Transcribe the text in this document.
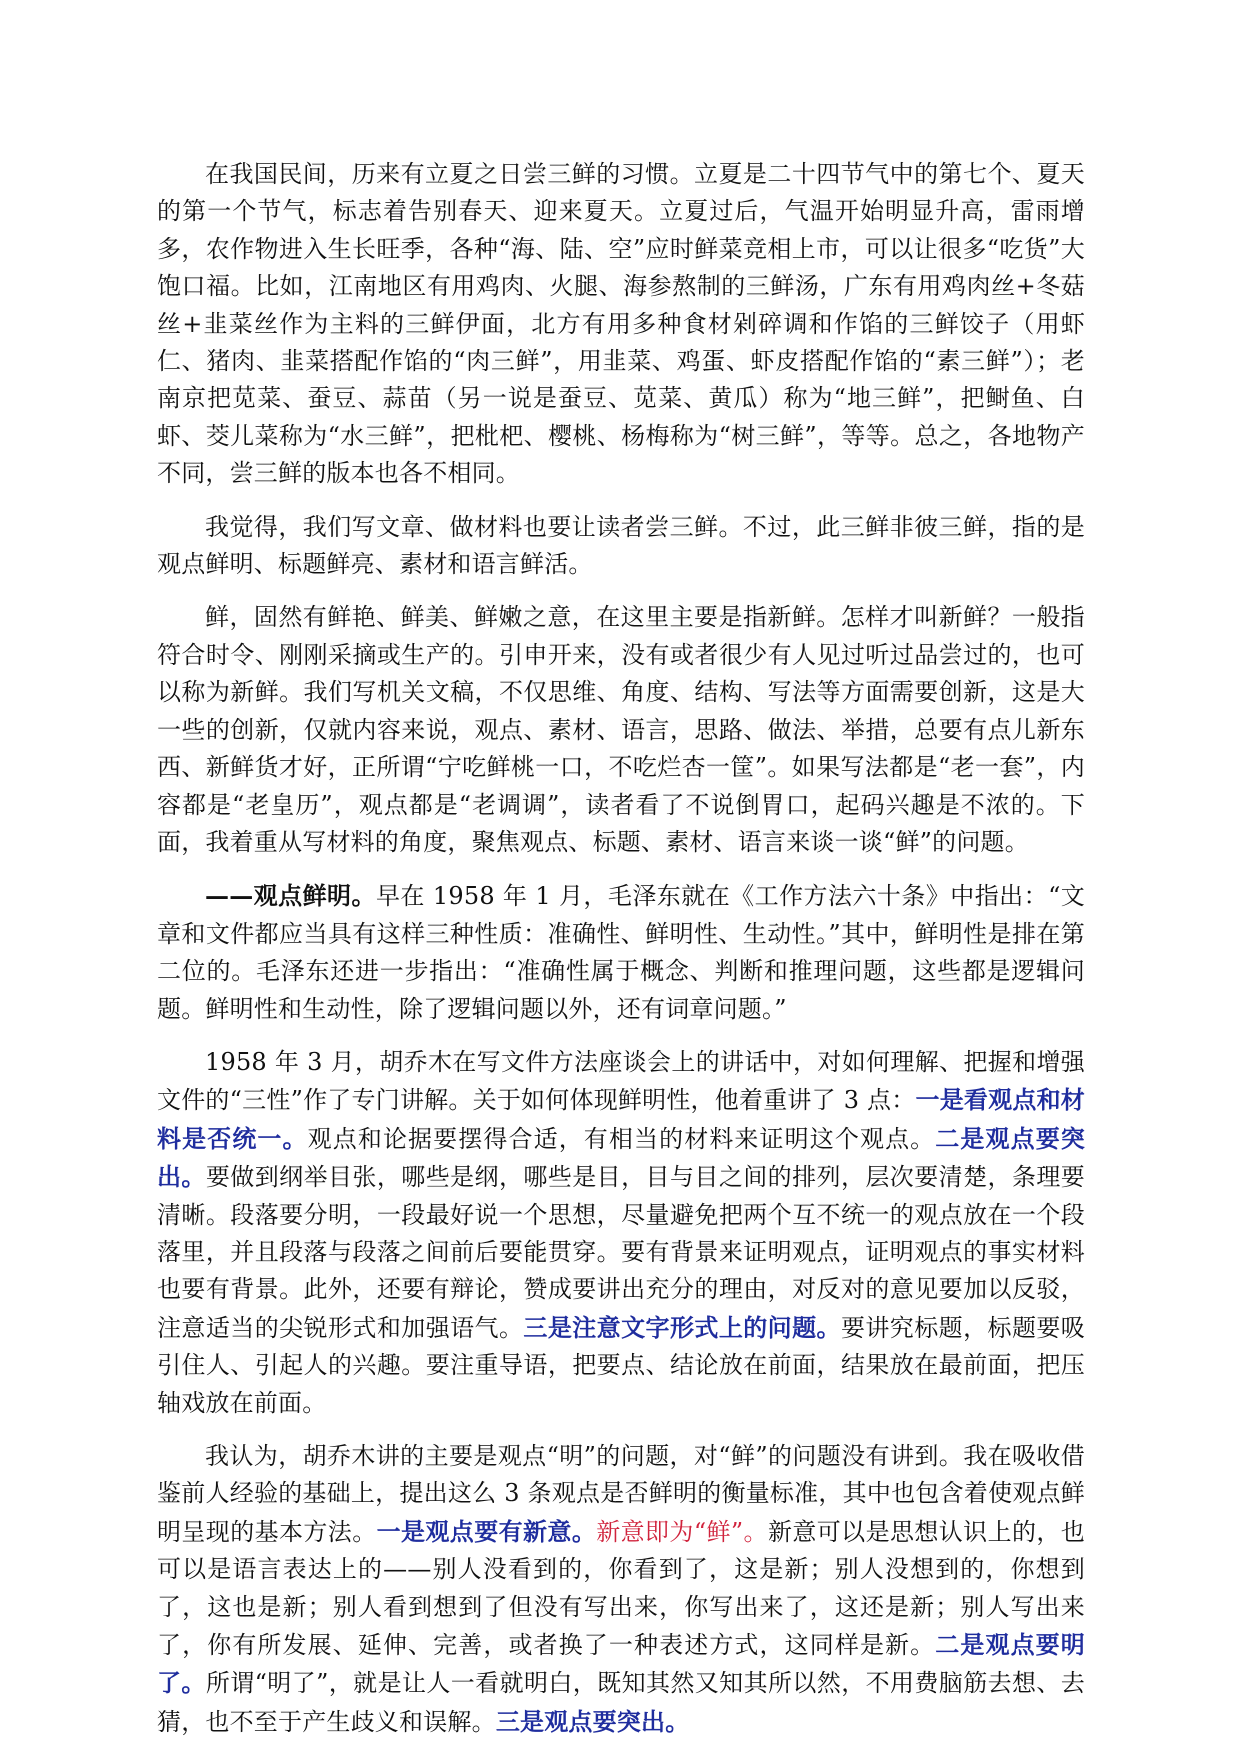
在我国民间，历来有立夏之日尝三鲜的习惯。立夏是二十四节气中的第七个、夏天的第一个节气，标志着告别春天、迎来夏天。立夏过后，气温开始明显升高，雷雨增多，农作物进入生长旺季，各种“海、陆、空”应时鲜菜竞相上市，可以让很多“吃货”大饱口福。比如，江南地区有用鸡肉、火腿、海参熬制的三鲜汤，广东有用鸡肉丝+冬菇丝+韭菜丝作为主料的三鲜伊面，北方有用多种食材剁碎调和作馅的三鲜饺子（用虾仁、猪肉、韭菜搭配作馅的“肉三鲜”，用韭菜、鸡蛋、虾皮搭配作馅的“素三鲜”）；老南京把苋菜、蚕豆、蒜苗（另一说是蚕豆、苋菜、黄瓜）称为“地三鲜”，把鲥鱼、白虾、茭儿菜称为“水三鲜”，把枇杷、樱桃、杨梅称为“树三鲜”，等等。总之，各地物产不同，尝三鲜的版本也各不相同。

我觉得，我们写文章、做材料也要让读者尝三鲜。不过，此三鲜非彼三鲜，指的是观点鲜明、标题鲜亮、素材和语言鲜活。

鲜，固然有鲜艳、鲜美、鲜嫩之意，在这里主要是指新鲜。怎样才叫新鲜？一般指符合时令、刚刚采摘或生产的。引申开来，没有或者很少有人见过听过品尝过的，也可以称为新鲜。我们写机关文稿，不仅思维、角度、结构、写法等方面需要创新，这是大一些的创新，仅就内容来说，观点、素材、语言，思路、做法、举措，总要有点儿新东西、新鲜货才好，正所谓“宁吃鲜桃一口，不吃烂杏一筐”。如果写法都是“老一套”，内容都是“老皇历”，观点都是“老调调”，读者看了不说倒胃口，起码兴趣是不浓的。下面，我着重从写材料的角度，聚焦观点、标题、素材、语言来谈一谈“鲜”的问题。

——观点鲜明。早在 1958 年 1 月，毛泽东就在《工作方法六十条》中指出：“文章和文件都应当具有这样三种性质：准确性、鲜明性、生动性。”其中，鲜明性是排在第二位的。毛泽东还进一步指出：“准确性属于概念、判断和推理问题，这些都是逻辑问题。鲜明性和生动性，除了逻辑问题以外，还有词章问题。”

1958 年 3 月，胡乔木在写文件方法座谈会上的讲话中，对如何理解、把握和增强文件的“三性”作了专门讲解。关于如何体现鲜明性，他着重讲了 3 点：一是看观点和材料是否统一。观点和论据要摆得合适，有相当的材料来证明这个观点。二是观点要突出。要做到纲举目张，哪些是纲，哪些是目，目与目之间的排列，层次要清楚，条理要清晰。段落要分明，一段最好说一个思想，尽量避免把两个互不统一的观点放在一个段落里，并且段落与段落之间前后要能贯穿。要有背景来证明观点，证明观点的事实材料也要有背景。此外，还要有辩论，赞成要讲出充分的理由，对反对的意见要加以反驳，注意适当的尖锐形式和加强语气。三是注意文字形式上的问题。要讲究标题，标题要吸引住人、引起人的兴趣。要注重导语，把要点、结论放在前面，结果放在最前面，把压轴戏放在前面。

我认为，胡乔木讲的主要是观点“明”的问题，对“鲜”的问题没有讲到。我在吸收借鉴前人经验的基础上，提出这么 3 条观点是否鲜明的衡量标准，其中也包含着使观点鲜明呈现的基本方法。一是观点要有新意。新意即为“鲜”。新意可以是思想认识上的，也可以是语言表达上的——别人没看到的，你看到了，这是新；别人没想到的，你想到了，这也是新；别人看到想到了但没有写出来，你写出来了，这还是新；别人写出来了，你有所发展、延伸、完善，或者换了一种表述方式，这同样是新。二是观点要明了。所谓“明了”，就是让人一看就明白，既知其然又知其所以然，不用费脑筋去想、去猜，也不至于产生歧义和误解。三是观点要突出。
